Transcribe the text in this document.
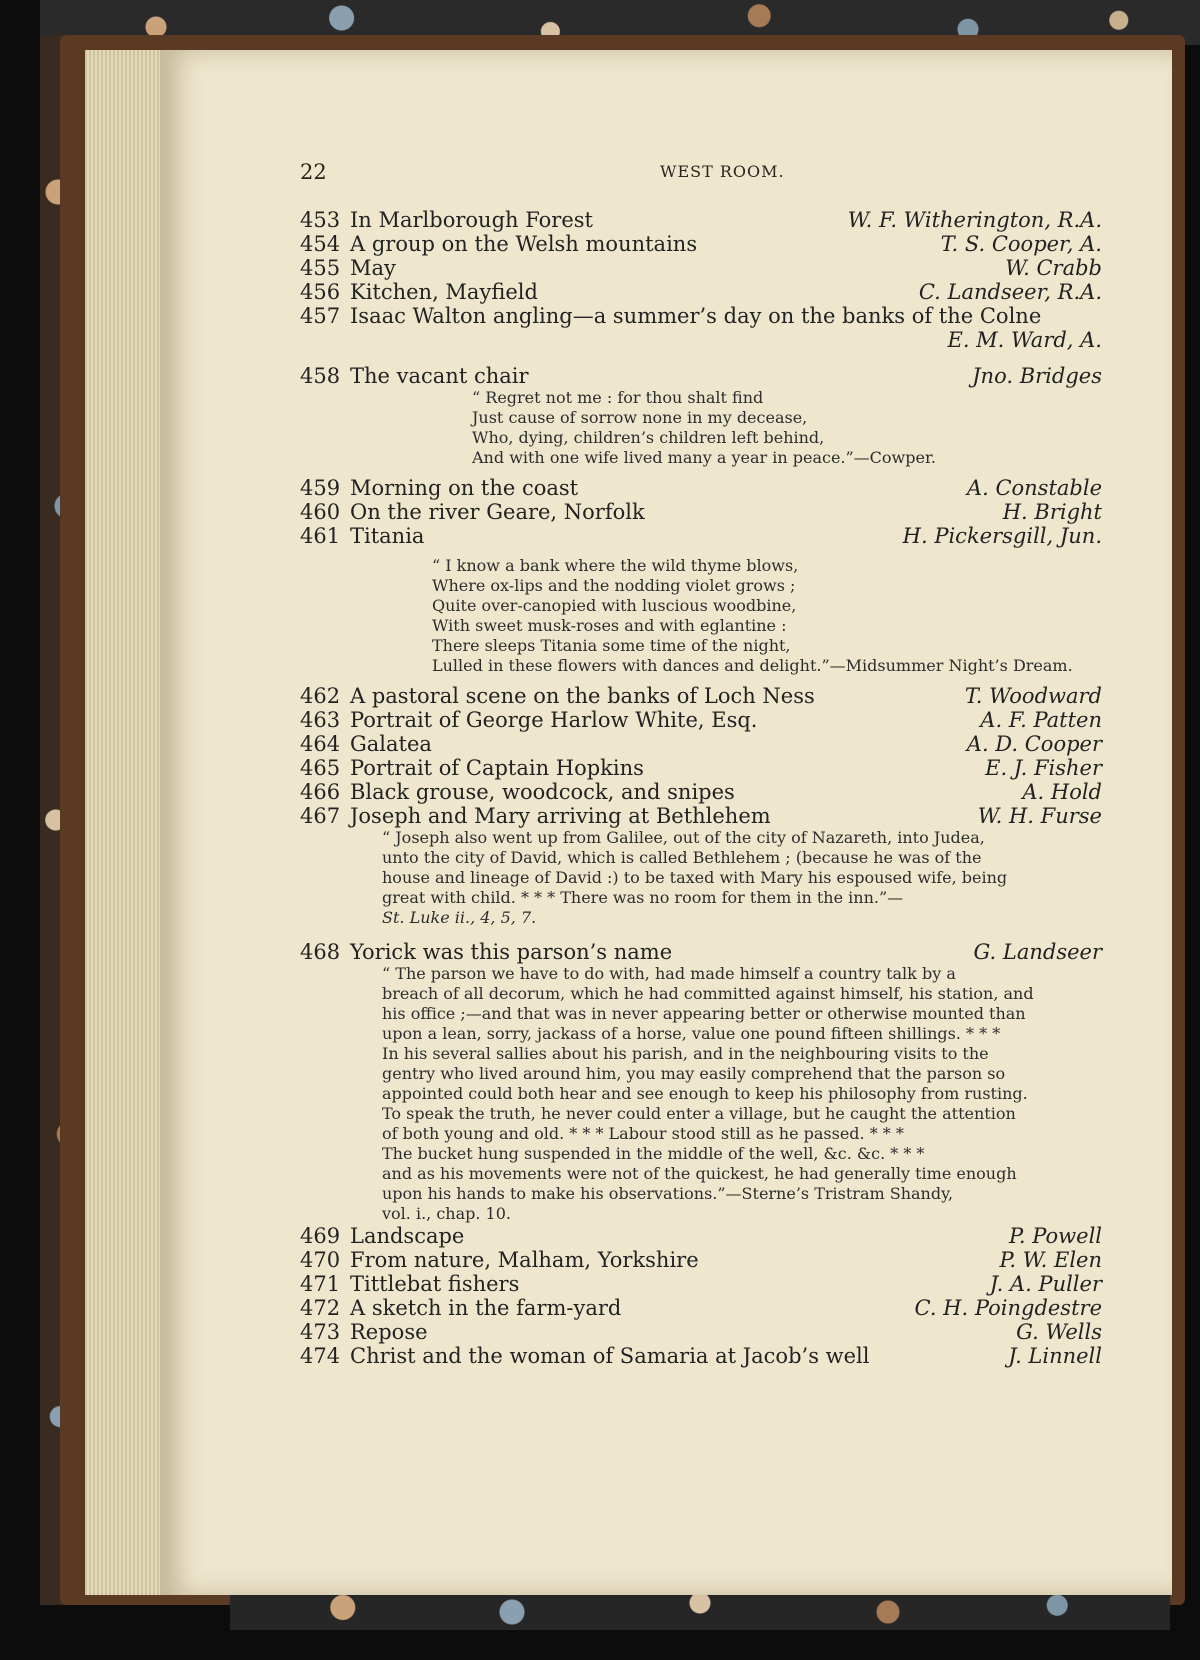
22	WEST ROOM.
453 In Marlborough Forest	W. F. Witherington, R.A.
454 A group on the Welsh mountains	T. S. Cooper, A.
455 May	W. Crabb
456 Kitchen, Mayfield	C. Landseer, R.A.
457 Isaac Walton angling—a summer’s day on the banks of the Colne
E. M. Ward, A.
458 The vacant chair	Jno. Bridges
“ Regret not me : for thou shalt find
Just cause of sorrow none in my decease,
Who, dying, children’s children left behind,
And with one wife lived many a year in peace.”—Cowper.
459 Morning on the coast	A. Constable
460 On the river Geare, Norfolk	H. Bright
461 Titania	H. Pickersgill, Jun.
“ I know a bank where the wild thyme blows,
Where ox-lips and the nodding violet grows ;
Quite over-canopied with luscious woodbine,
With sweet musk-roses and with eglantine :
There sleeps Titania some time of the night,
Lulled in these flowers with dances and delight.”—Midsummer Night’s Dream.
462 A pastoral scene on the banks of Loch Ness	T. Woodward
463 Portrait of George Harlow White, Esq.	A. F. Patten
464 Galatea	A. D. Cooper
465 Portrait of Captain Hopkins	E. J. Fisher
466 Black grouse, woodcock, and snipes	A. Hold
467 Joseph and Mary arriving at Bethlehem	W. H. Furse
“ Joseph also went up from Galilee, out of the city of Nazareth, into Judea,
unto the city of David, which is called Bethlehem ; (because he was of the
house and lineage of David :) to be taxed with Mary his espoused wife, being
great with child. * * * There was no room for them in the inn.”—
St. Luke ii., 4, 5, 7.
468 Yorick was this parson’s name	G. Landseer
“ The parson we have to do with, had made himself a country talk by a
breach of all decorum, which he had committed against himself, his station, and
his office ;—and that was in never appearing better or otherwise mounted than
upon a lean, sorry, jackass of a horse, value one pound fifteen shillings. * * *
In his several sallies about his parish, and in the neighbouring visits to the
gentry who lived around him, you may easily comprehend that the parson so
appointed could both hear and see enough to keep his philosophy from rusting.
To speak the truth, he never could enter a village, but he caught the attention
of both young and old. * * * Labour stood still as he passed. * * *
The bucket hung suspended in the middle of the well, &c. &c. * * *
and as his movements were not of the quickest, he had generally time enough
upon his hands to make his observations.”—Sterne’s Tristram Shandy,
vol. i., chap. 10.
469 Landscape	P. Powell
470 From nature, Malham, Yorkshire	P. W. Elen
471 Tittlebat fishers	J. A. Puller
472 A sketch in the farm-yard	C. H. Poingdestre
473 Repose	G. Wells
474 Christ and the woman of Samaria at Jacob’s well	J. Linnell
